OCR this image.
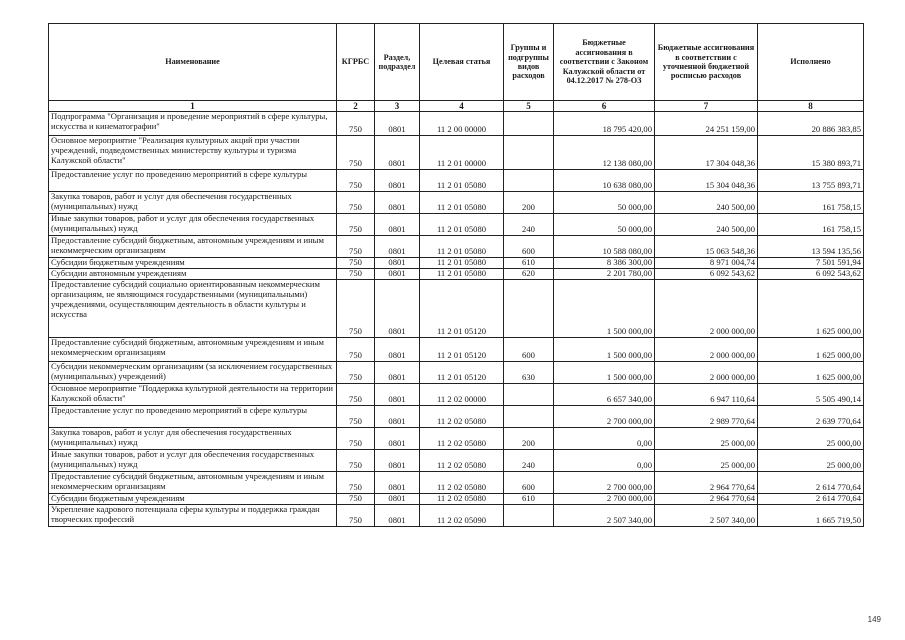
Наименование	КГРБС	Раздел, подраздел	Целевая статья	Группы и подгруппы видов расходов	Бюджетные ассигнования в соответствии с Законом Калужской области от 04.12.2017 № 278-ОЗ	Бюджетные ассигнования в соответствии с уточненной бюджетной росписью расходов	Исполнено
1	2	3	4	5	6	7	8
Подпрограмма "Организация и проведение мероприятий в сфере культуры, искусства и кинематографии"	750	0801	11 2 00 00000		18 795 420,00	24 251 159,00	20 886 383,85
Основное мероприятие "Реализация культурных акций при участии учреждений, подведомственных министерству культуры и туризма Калужской области"	750	0801	11 2 01 00000		12 138 080,00	17 304 048,36	15 380 893,71
Предоставление услуг по проведению мероприятий в сфере культуры	750	0801	11 2 01 05080		10 638 080,00	15 304 048,36	13 755 893,71
Закупка товаров, работ и услуг для обеспечения государственных (муниципальных) нужд	750	0801	11 2 01 05080	200	50 000,00	240 500,00	161 758,15
Иные закупки товаров, работ и услуг для обеспечения государственных (муниципальных) нужд	750	0801	11 2 01 05080	240	50 000,00	240 500,00	161 758,15
Предоставление субсидий бюджетным, автономным учреждениям и иным некоммерческим организациям	750	0801	11 2 01 05080	600	10 588 080,00	15 063 548,36	13 594 135,56
Субсидии бюджетным учреждениям	750	0801	11 2 01 05080	610	8 386 300,00	8 971 004,74	7 501 591,94
Субсидии автономным учреждениям	750	0801	11 2 01 05080	620	2 201 780,00	6 092 543,62	6 092 543,62
Предоставление субсидий социально ориентированным некоммерческим организациям, не являющимся государственными (муниципальными) учреждениями, осуществляющим деятельность в области культуры и искусства	750	0801	11 2 01 05120		1 500 000,00	2 000 000,00	1 625 000,00
Предоставление субсидий бюджетным, автономным учреждениям и иным некоммерческим организациям	750	0801	11 2 01 05120	600	1 500 000,00	2 000 000,00	1 625 000,00
Субсидии некоммерческим организациям (за исключением государственных (муниципальных) учреждений)	750	0801	11 2 01 05120	630	1 500 000,00	2 000 000,00	1 625 000,00
Основное мероприятие "Поддержка культурной деятельности на территории Калужской области"	750	0801	11 2 02 00000		6 657 340,00	6 947 110,64	5 505 490,14
Предоставление услуг по проведению мероприятий в сфере культуры	750	0801	11 2 02 05080		2 700 000,00	2 989 770,64	2 639 770,64
Закупка товаров, работ и услуг для обеспечения государственных (муниципальных) нужд	750	0801	11 2 02 05080	200	0,00	25 000,00	25 000,00
Иные закупки товаров, работ и услуг для обеспечения государственных (муниципальных) нужд	750	0801	11 2 02 05080	240	0,00	25 000,00	25 000,00
Предоставление субсидий бюджетным, автономным учреждениям и иным некоммерческим организациям	750	0801	11 2 02 05080	600	2 700 000,00	2 964 770,64	2 614 770,64
Субсидии бюджетным учреждениям	750	0801	11 2 02 05080	610	2 700 000,00	2 964 770,64	2 614 770,64
Укрепление кадрового потенциала сферы культуры и поддержка граждан творческих профессий	750	0801	11 2 02 05090		2 507 340,00	2 507 340,00	1 665 719,50
149
